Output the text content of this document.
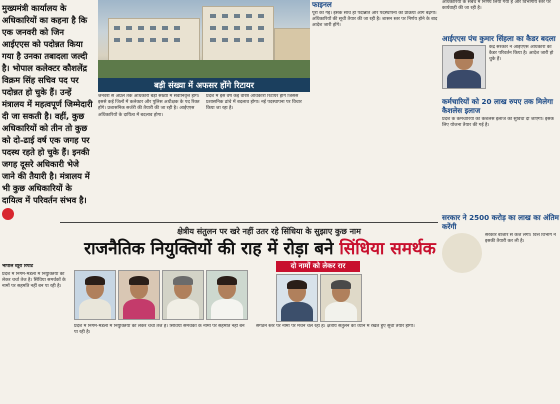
मुख्यमंत्री कार्यालय के अधिकारियों का कहना है कि एक जनवरी को जिन आईएएस को पदोन्नत किया गया है उनका तबादला जल्दी है। भोपाल कलेक्टर कौशलेंद्र विक्रम सिंह सचिव पद पर पदोन्नत हो चुके हैं। उन्हें मंत्रालय में महत्वपूर्ण जिम्मेदारी दी जा सकती है। वहीं, कुछ अधिकारियों को तीन तो कुछ को दो-ढाई वर्ष एक जगह पर पदस्थ रहते हो चुके हैं। इनकी जगह दूसरे अधिकारी भेजे जाने की तैयारी है। मंत्रालय में भी कुछ अधिकारियों के दायित्व में परिवर्तन संभव है।
बड़ी संख्या में अफसर होंगे रिटायर
जनवरी से अप्रैल तक अधिकारी बड़ी संख्या में सेवानिवृत्त होंगे। इससे कई जिलों में कलेक्टर और पुलिस अधीक्षक के पद रिक्त होंगे। प्रशासनिक सर्जरी की तैयारी की जा रही है। आईएएस अधिकारियों के दायित्व में बदलाव होगा।
प्रदेश में इस वर्ष कई वरिष्ठ अधिकारी रिटायर होंगे जिससे प्रशासनिक ढांचे में बदलाव होगा। नई पदस्थापना पर विचार किया जा रहा है।
फाइनल
पूरी की गई। इसके साथ ही पदोन्नति और पदस्थापना की प्रक्रिया आगे बढ़ेगी। अधिकारियों की सूची तैयार की जा रही है। शासन स्तर पर निर्णय होने के बाद आदेश जारी होंगे।
अधिकारियों के संबंध में निर्णय लिया गया है और विभागीय स्तर पर कार्यवाही की जा रही है।
आईएएस पंच कुमार सिंहला का कैडर बदला
केंद्र सरकार ने आईएएस अधिकारी का कैडर परिवर्तन किया है। आदेश जारी हो चुके हैं।
कर्मचारियों को 20 लाख रुपए तक मिलेगा कैशलेस इलाज
प्रदेश के कर्मचारियों को कैशलेस इलाज की सुविधा दी जाएगी। इसके लिए योजना तैयार की गई है।
सरकार ने 2500 करोड़ का लाख का अंतिम करेंगी
सरकार बाजार से कर्ज लेगी। वित्त विभाग ने इसकी तैयारी कर ली है।
क्षेत्रीय संतुलन पर खरे नहीं उतर रहे सिंधिया के सुझाए कुछ नाम
राजनैतिक नियुक्तियों की राह में रोड़ा बने सिंधिया समर्थक
दो नामों को लेकर रार
भोपाल व्यूरो रिपोर्ट
प्रदेश में निगम-मंडलों में नियुक्तियों को लेकर चर्चा तेज है। सिंधिया समर्थकों के नामों पर सहमति नहीं बन पा रही है।
प्रदेश में निगम-मंडलों में नियुक्तियों को लेकर चर्चा तेज है। सिंधिया समर्थकों के नामों पर सहमति नहीं बन पा रही है।
संगठन स्तर पर नामों पर मंथन चल रहा है। क्षेत्रीय संतुलन को ध्यान में रखते हुए सूची तैयार होगी।
